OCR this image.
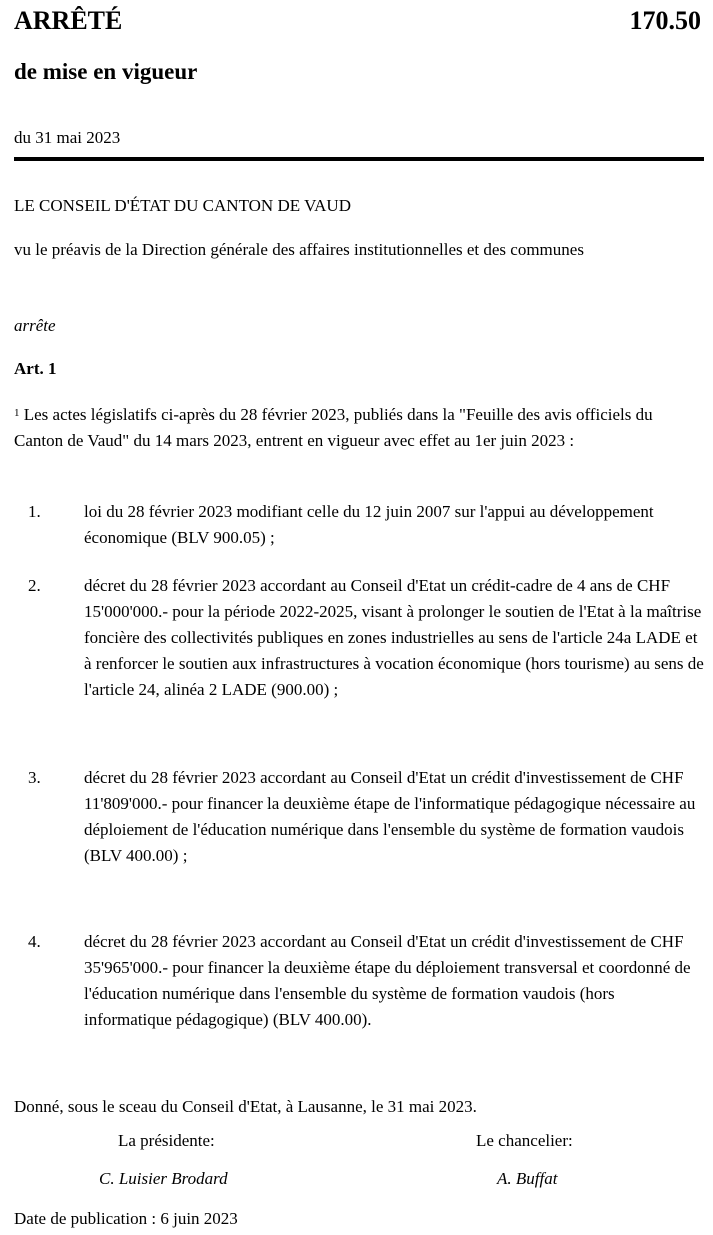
ARRÊTÉ	170.50
de mise en vigueur
du 31 mai 2023
LE CONSEIL D'ÉTAT DU CANTON DE VAUD
vu le préavis de la Direction générale des affaires institutionnelles et des communes
arrête
Art. 1
$^1$ Les actes législatifs ci-après du 28 février 2023, publiés dans la "Feuille des avis officiels du Canton de Vaud" du 14 mars 2023, entrent en vigueur avec effet au 1er juin 2023 :
1.	loi du 28 février 2023 modifiant celle du 12 juin 2007 sur l'appui au développement économique (BLV 900.05) ;
2.	décret du 28 février 2023 accordant au Conseil d'Etat un crédit-cadre de 4 ans de CHF 15'000'000.- pour la période 2022-2025, visant à prolonger le soutien de l'Etat à la maîtrise foncière des collectivités publiques en zones industrielles au sens de l'article 24a LADE et à renforcer le soutien aux infrastructures à vocation économique (hors tourisme) au sens de l'article 24, alinéa 2 LADE (900.00) ;
3.	décret du 28 février 2023 accordant au Conseil d'Etat un crédit d'investissement de CHF 11'809'000.- pour financer la deuxième étape de l'informatique pédagogique nécessaire au déploiement de l'éducation numérique dans l'ensemble du système de formation vaudois (BLV 400.00) ;
4.	décret du 28 février 2023 accordant au Conseil d'Etat un crédit d'investissement de CHF 35'965'000.- pour financer la deuxième étape du déploiement transversal et coordonné de l'éducation numérique dans l'ensemble du système de formation vaudois (hors informatique pédagogique) (BLV 400.00).
Donné, sous le sceau du Conseil d'Etat, à Lausanne, le 31 mai 2023.
La présidente:	Le chancelier:
C. Luisier Brodard	A. Buffat
Date de publication : 6 juin 2023
